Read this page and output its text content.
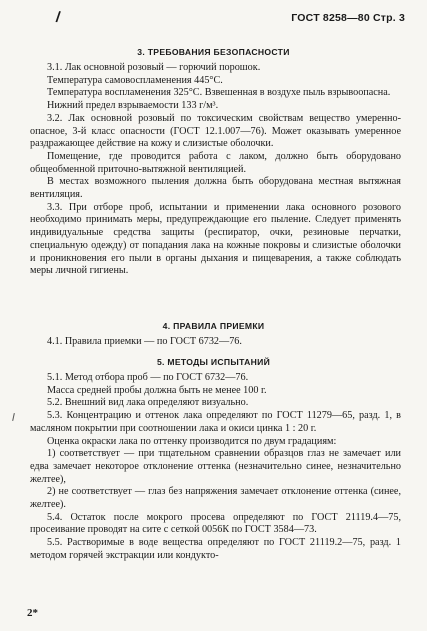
/	ГОСТ 8258—80 Стр. 3
3. ТРЕБОВАНИЯ БЕЗОПАСНОСТИ

3.1. Лак основной розовый — горючий порошок.

Температура самовоспламенения 445°С.

Температура воспламенения 325°С. Взвешенная в воздухе пыль взрывоопасна.

Нижний предел взрываемости 133 г/м³.

3.2. Лак основной розовый по токсическим свойствам вещество умеренно-опасное, 3-й класс опасности (ГОСТ 12.1.007—76). Может оказывать умеренное раздражающее действие на кожу и слизистые оболочки.

Помещение, где проводится работа с лаком, должно быть оборудовано общеобменной приточно-вытяжной вентиляцией.

В местах возможного пыления должна быть оборудована местная вытяжная вентиляция.

3.3. При отборе проб, испытании и применении лака основного розового необходимо принимать меры, предупреждающие его пыление. Следует применять индивидуальные средства защиты (респиратор, очки, резиновые перчатки, специальную одежду) от попадания лака на кожные покровы и слизистые оболочки и проникновения его пыли в органы дыхания и пищеварения, а также соблюдать меры личной гигиены.

4. ПРАВИЛА ПРИЕМКИ

4.1. Правила приемки — по ГОСТ 6732—76.

5. МЕТОДЫ ИСПЫТАНИЙ

5.1. Метод отбора проб — по ГОСТ 6732—76.

Масса средней пробы должна быть не менее 100 г.

5.2. Внешний вид лака определяют визуально.

5.3. Концентрацию и оттенок лака определяют по ГОСТ 11279—65, разд. 1, в масляном покрытии при соотношении лака и окиси цинка 1 : 20 г.

Оценка окраски лака по оттенку производится по двум градациям:

1) соответствует — при тщательном сравнении образцов глаз не замечает или едва замечает некоторое отклонение оттенка (незначительно синее, незначительно желтее),

2) не соответствует — глаз без напряжения замечает отклонение оттенка (синее, желтее).

5.4. Остаток после мокрого просева определяют по ГОСТ 21119.4—75, просеивание проводят на сите с сеткой 0056К по ГОСТ 3584—73.

5.5. Растворимые в воде вещества определяют по ГОСТ 21119.2—75, разд. 1 методом горячей экстракции или кондукто-

2*
